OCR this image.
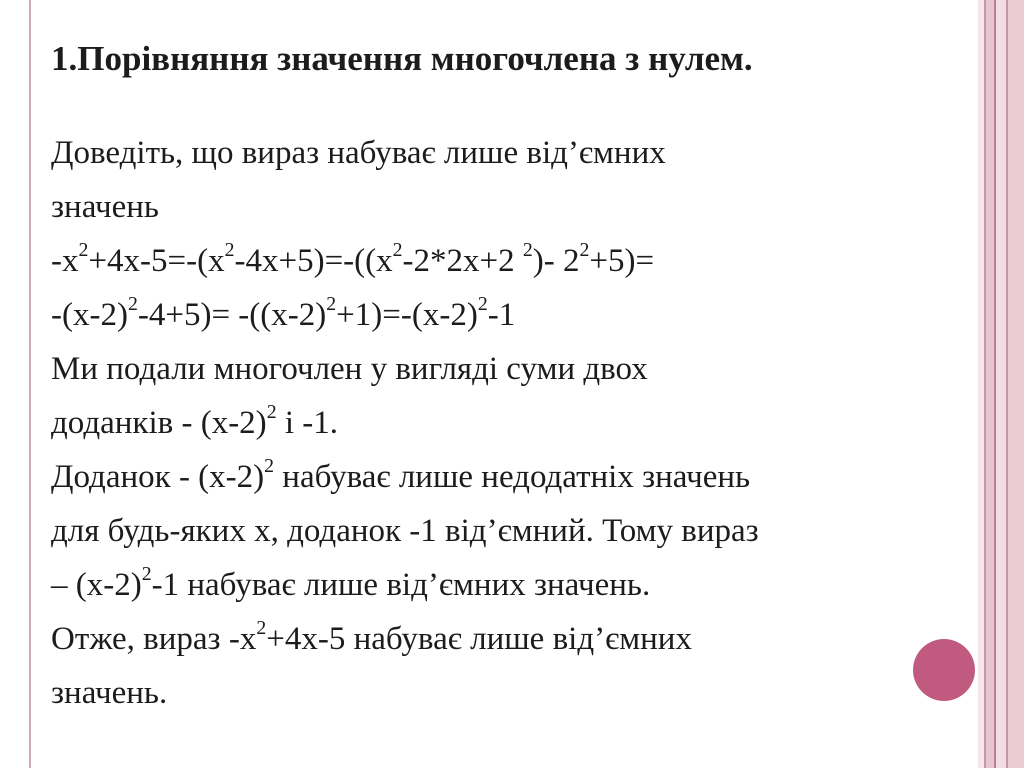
1.Порівняння значення многочлена з нулем.
Доведіть, що вираз набуває лише від’ємних
значень
$-x^2+4x-5=-(x^2-4x+5)=-((x^2-2*2x+2$ $^2$)- $2^2+5)=$
$-(x-2)^2-4+5)= -((x-2)^2+1)=-(x-2)^2-1$
Ми подали многочлен у вигляді суми двох
доданків - $(x-2)^2$ і -1.
Доданок - $(x-2)^2$ набуває лише недодатніх значень
для будь-яких x, доданок -1 від’ємний. Тому вираз
– $(x-2)^2-1$ набуває лише від’ємних значень.
Отже, вираз $-x^2+4x-5$ набуває лише від’ємних
значень.
